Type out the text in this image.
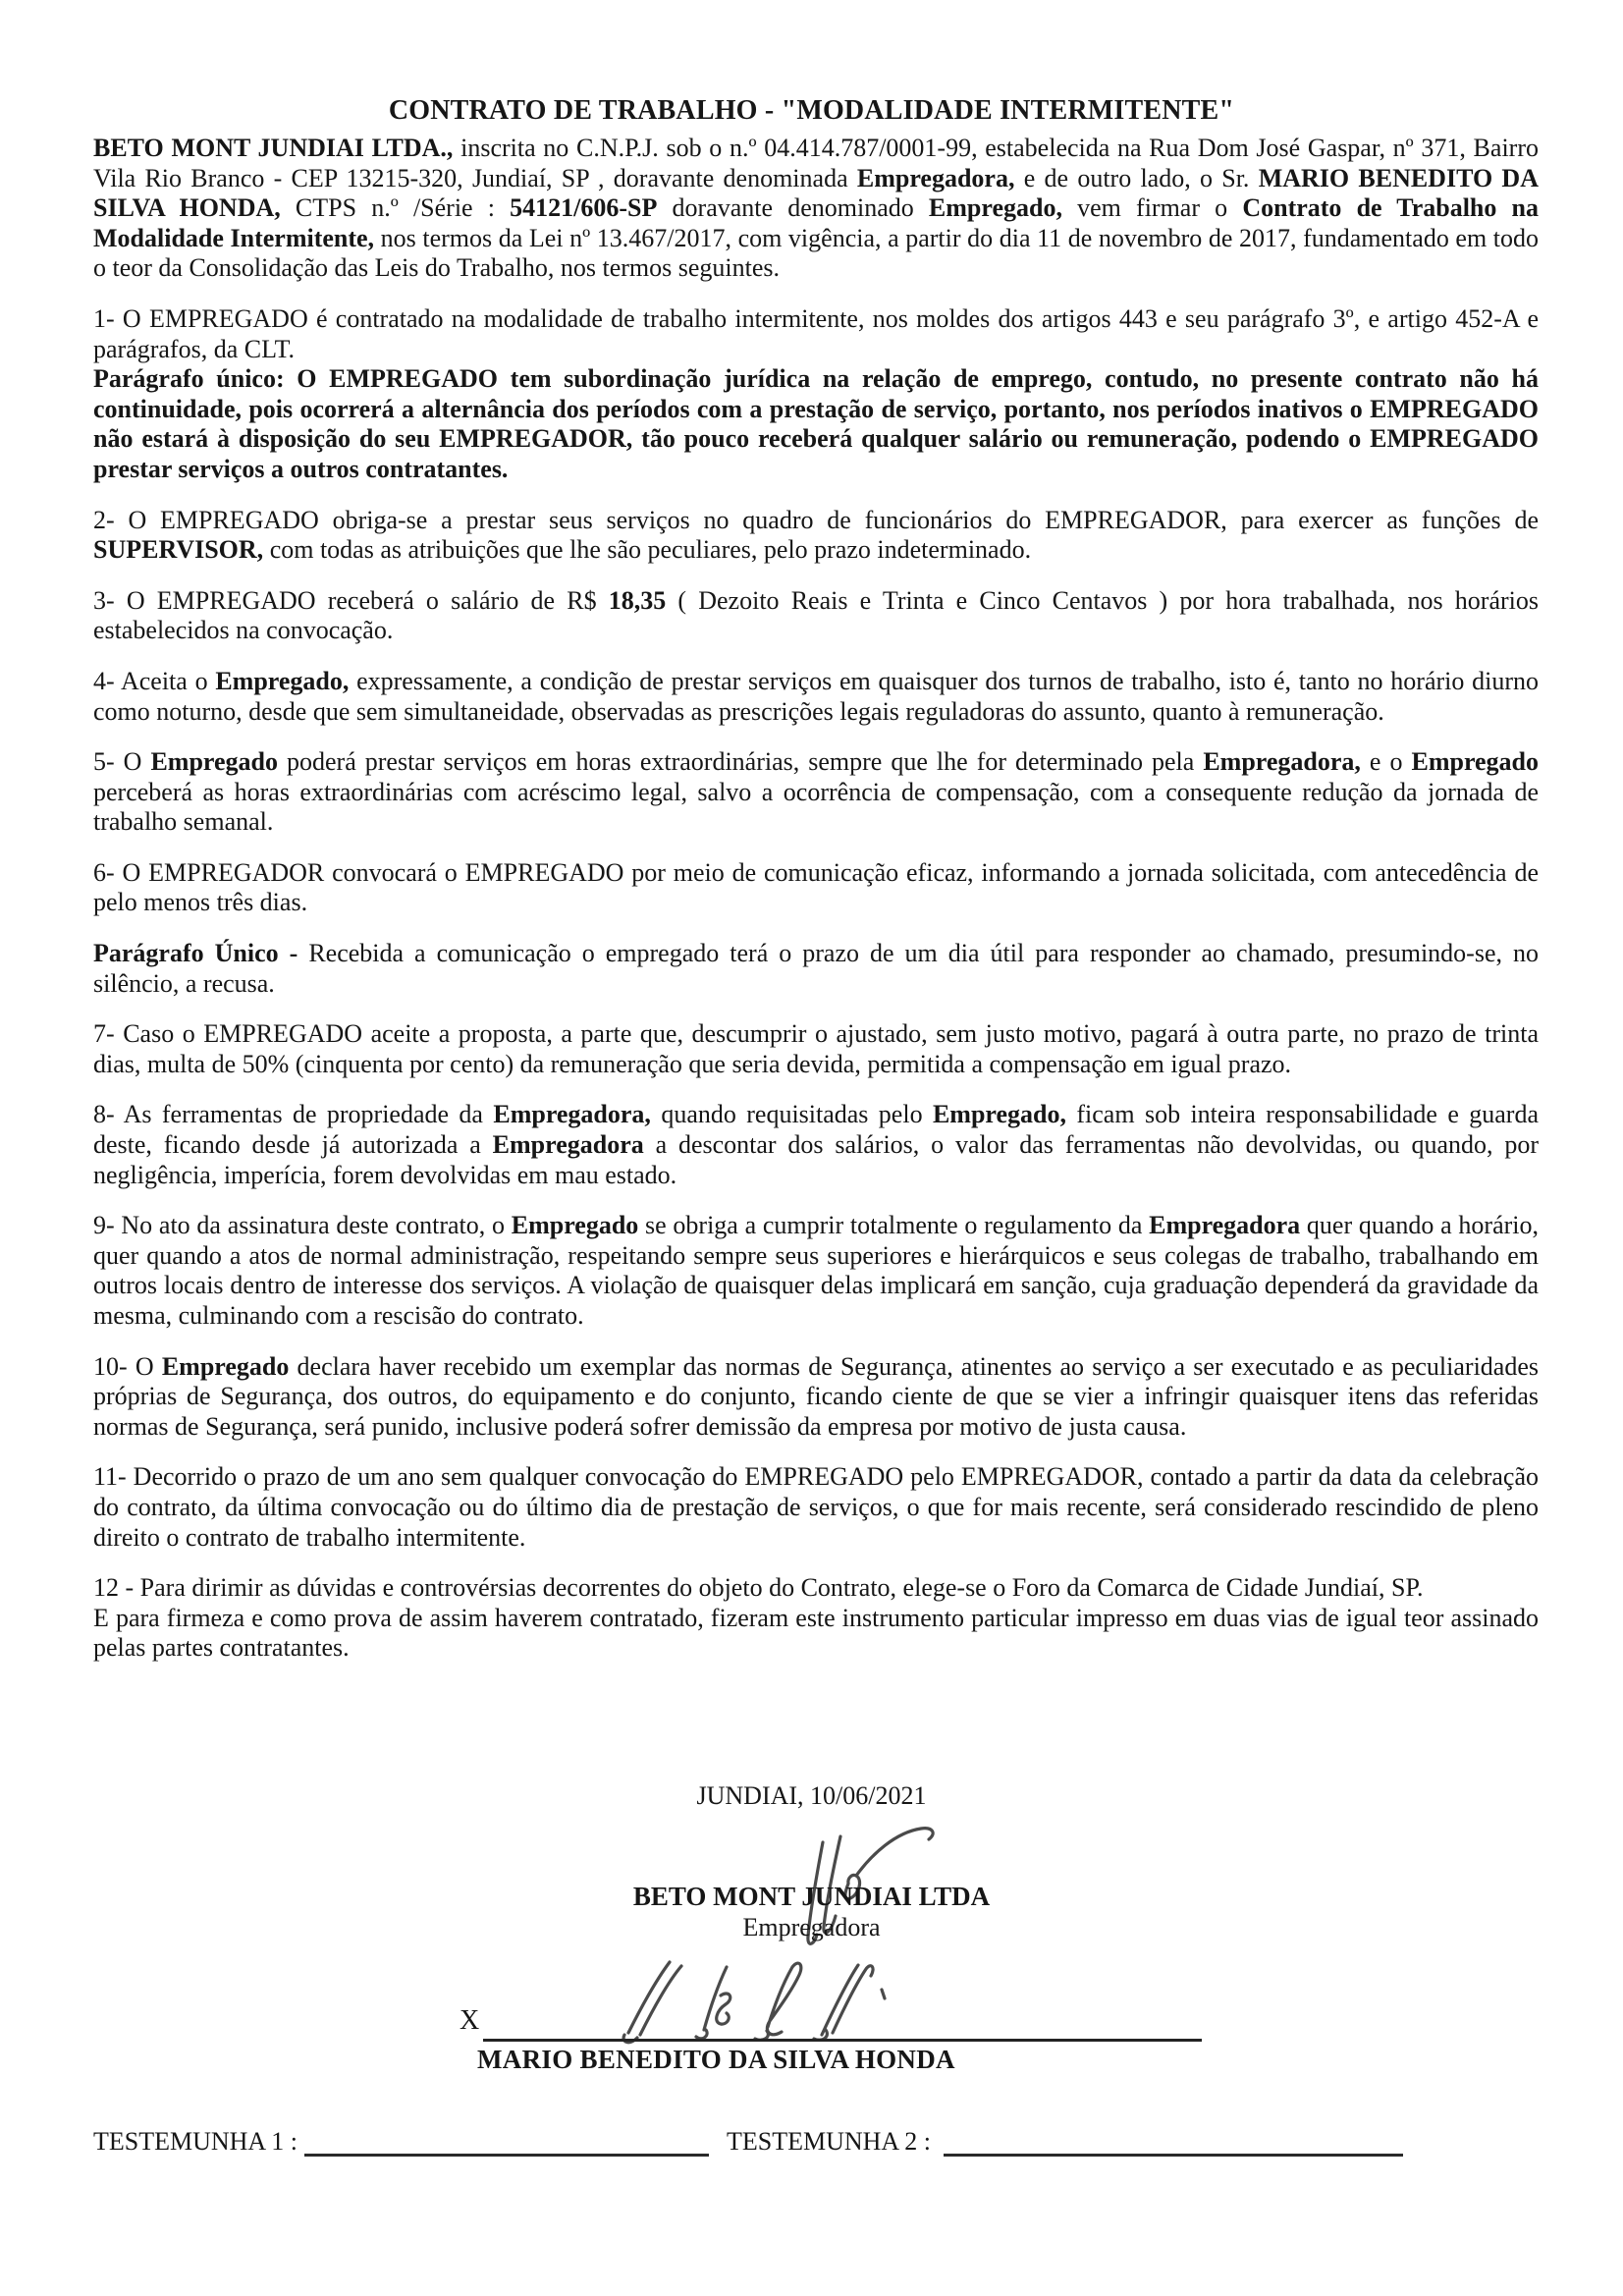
CONTRATO DE TRABALHO - "MODALIDADE INTERMITENTE"

BETO MONT JUNDIAI LTDA., inscrita no C.N.P.J. sob o n.º 04.414.787/0001-99, estabelecida na Rua Dom José Gaspar, nº 371, Bairro Vila Rio Branco - CEP 13215-320, Jundiaí, SP , doravante denominada Empregadora, e de outro lado, o Sr. MARIO BENEDITO DA SILVA HONDA, CTPS n.º /Série : 54121/606-SP doravante denominado Empregado, vem firmar o Contrato de Trabalho na Modalidade Intermitente, nos termos da Lei nº 13.467/2017, com vigência, a partir do dia 11 de novembro de 2017, fundamentado em todo o teor da Consolidação das Leis do Trabalho, nos termos seguintes.

1- O EMPREGADO é contratado na modalidade de trabalho intermitente, nos moldes dos artigos 443 e seu parágrafo 3º, e artigo 452-A e parágrafos, da CLT.

Parágrafo único: O EMPREGADO tem subordinação jurídica na relação de emprego, contudo, no presente contrato não há continuidade, pois ocorrerá a alternância dos períodos com a prestação de serviço, portanto, nos períodos inativos o EMPREGADO não estará à disposição do seu EMPREGADOR, tão pouco receberá qualquer salário ou remuneração, podendo o EMPREGADO prestar serviços a outros contratantes.

2- O EMPREGADO obriga-se a prestar seus serviços no quadro de funcionários do EMPREGADOR, para exercer as funções de SUPERVISOR, com todas as atribuições que lhe são peculiares, pelo prazo indeterminado.

3- O EMPREGADO receberá o salário de R$ 18,35 ( Dezoito Reais e Trinta e Cinco Centavos ) por hora trabalhada, nos horários estabelecidos na convocação.

4- Aceita o Empregado, expressamente, a condição de prestar serviços em quaisquer dos turnos de trabalho, isto é, tanto no horário diurno como noturno, desde que sem simultaneidade, observadas as prescrições legais reguladoras do assunto, quanto à remuneração.

5- O Empregado poderá prestar serviços em horas extraordinárias, sempre que lhe for determinado pela Empregadora, e o Empregado perceberá as horas extraordinárias com acréscimo legal, salvo a ocorrência de compensação, com a consequente redução da jornada de trabalho semanal.

6- O EMPREGADOR convocará o EMPREGADO por meio de comunicação eficaz, informando a jornada solicitada, com antecedência de pelo menos três dias.

Parágrafo Único - Recebida a comunicação o empregado terá o prazo de um dia útil para responder ao chamado, presumindo-se, no silêncio, a recusa.

7- Caso o EMPREGADO aceite a proposta, a parte que, descumprir o ajustado, sem justo motivo, pagará à outra parte, no prazo de trinta dias, multa de 50% (cinquenta por cento) da remuneração que seria devida, permitida a compensação em igual prazo.

8- As ferramentas de propriedade da Empregadora, quando requisitadas pelo Empregado, ficam sob inteira responsabilidade e guarda deste, ficando desde já autorizada a Empregadora a descontar dos salários, o valor das ferramentas não devolvidas, ou quando, por negligência, imperícia, forem devolvidas em mau estado.

9- No ato da assinatura deste contrato, o Empregado se obriga a cumprir totalmente o regulamento da Empregadora quer quando a horário, quer quando a atos de normal administração, respeitando sempre seus superiores e hierárquicos e seus colegas de trabalho, trabalhando em outros locais dentro de interesse dos serviços. A violação de quaisquer delas implicará em sanção, cuja graduação dependerá da gravidade da mesma, culminando com a rescisão do contrato.

10- O Empregado declara haver recebido um exemplar das normas de Segurança, atinentes ao serviço a ser executado e as peculiaridades próprias de Segurança, dos outros, do equipamento e do conjunto, ficando ciente de que se vier a infringir quaisquer itens das referidas normas de Segurança, será punido, inclusive poderá sofrer demissão da empresa por motivo de justa causa.

11- Decorrido o prazo de um ano sem qualquer convocação do EMPREGADO pelo EMPREGADOR, contado a partir da data da celebração do contrato, da última convocação ou do último dia de prestação de serviços, o que for mais recente, será considerado rescindido de pleno direito o contrato de trabalho intermitente.

12 - Para dirimir as dúvidas e controvérsias decorrentes do objeto do Contrato, elege-se o Foro da Comarca de Cidade Jundiaí, SP.

E para firmeza e como prova de assim haverem contratado, fizeram este instrumento particular impresso em duas vias de igual teor assinado pelas partes contratantes.

JUNDIAI, 10/06/2021
BETO MONT JUNDIAI LTDA
Empregadora
X
MARIO BENEDITO DA SILVA HONDA
TESTEMUNHA 1 :	TESTEMUNHA 2 :
